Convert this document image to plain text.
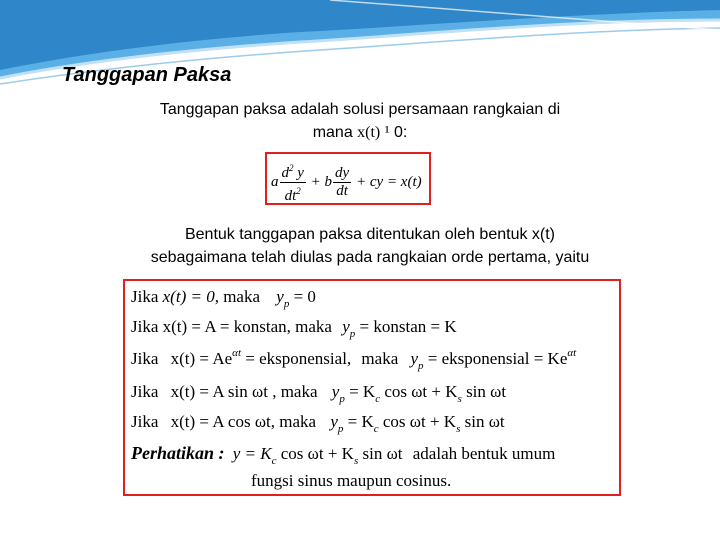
Tanggapan Paksa
Tanggapan paksa adalah solusi persamaan rangkaian di
mana x(t) ¹ 0:
a $\frac{d^2 y}{dt^2} + b \frac{dy}{dt}$ + cy = x(t)
Bentuk tanggapan paksa ditentukan oleh bentuk x(t)
sebagaimana telah diulas pada rangkaian orde pertama, yaitu
Jika x(t) = 0, maka $y_p = 0$
Jika x(t) = A = konstan, maka $y_p$ = konstan = K
Jika $x(t) = Ae^{\alpha t}$ = eksponensial, maka $y_p$ = eksponensial = $Ke^{\alpha t}$
Jika x(t) = A sin ωt , maka $y_p = K_c$ $\cos \omega t + K_s$ sin ωt
Jika x(t) = A cos ωt, maka $y_p = K_c$ $\cos \omega t + K_s$ sin ωt
Perhatikan : $y = K_c$ $\cos \omega t + K_s$ sin ωt adalah bentuk umum
fungsi sinus maupun cosinus.
